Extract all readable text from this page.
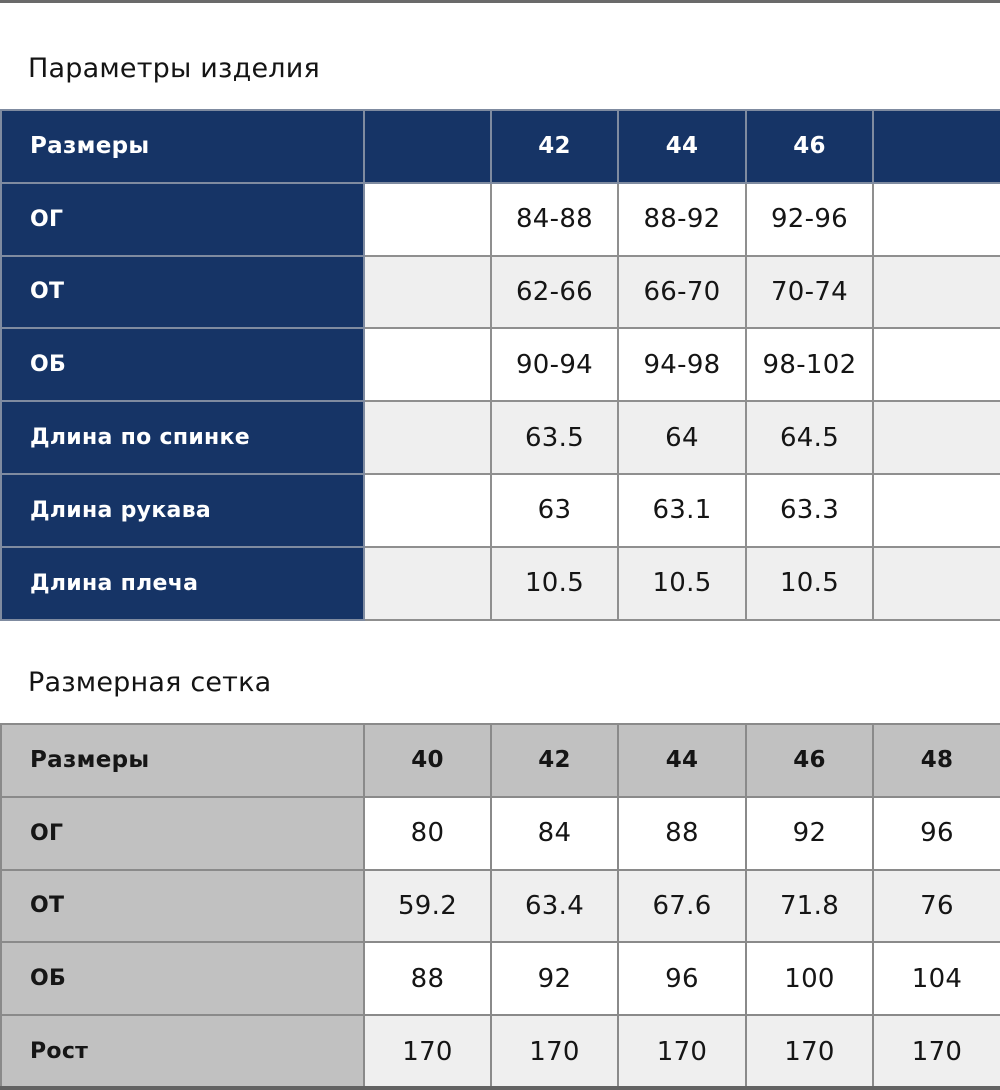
Параметры изделия
Размеры		42	44	46	
ОГ		84-88	88-92	92-96	
ОТ		62-66	66-70	70-74	
ОБ		90-94	94-98	98-102	
Длина по спинке		63.5	64	64.5	
Длина рукава		63	63.1	63.3	
Длина плеча		10.5	10.5	10.5	
Размерная сетка
Размеры	40	42	44	46	48
ОГ	80	84	88	92	96
ОТ	59.2	63.4	67.6	71.8	76
ОБ	88	92	96	100	104
Рост	170	170	170	170	170
